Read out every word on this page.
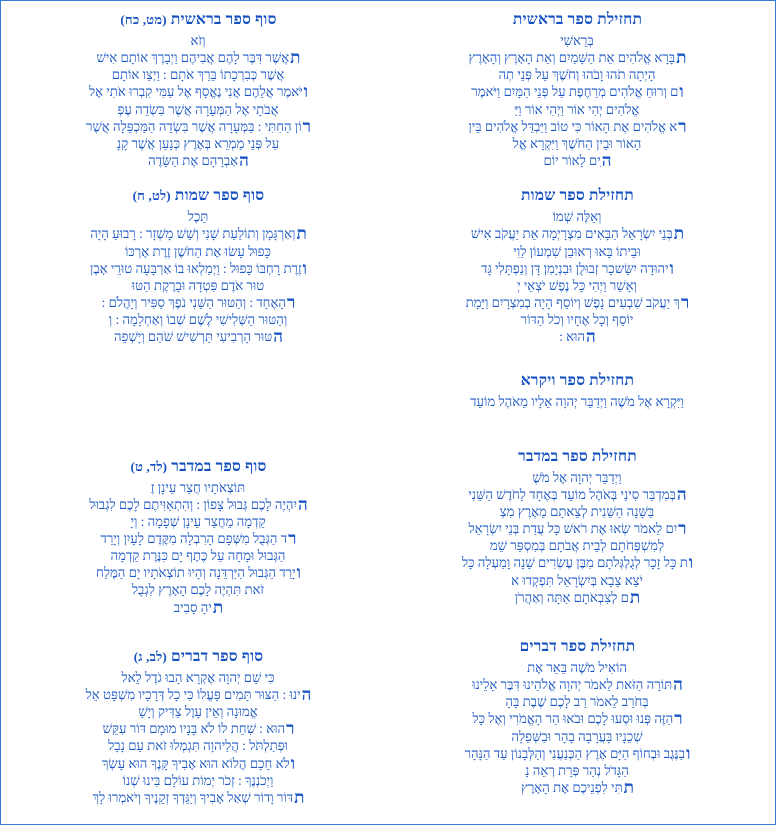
תחזילת ספר בראשית
בְּרֵאשִׁי
תבָּרָא אֱלֹהִים אֵת הַשָּׁמַיִם וְאֵת הָאָרֶץ וְהָאָרֶץ
הָיְתָה תֹהוּ וָבֹהוּ וְחֹשֶׁךְ עַל פְּנֵי תְה
ום וְרוּחַ אֱלֹהִים מְרַחֶפֶת עַל פְּנֵי הַמָּיִם וַיֹּאמֶר
אֱלֹהִים יְהִי אוֹר וַיְהִי אוֹר וַיַּ
רא אֱלֹהִים אֶת הָאוֹר כִּי טוֹב וַיַּבְדֵּל אֱלֹהִים בֵּין
הָאוֹר וּבֵין הַחֹשֶׁךְ וַיִּקְרָא אֱל
הִים לָאוֹר יוֹם
תחזילת ספר שמות
וְאֵלֶּה שְׁמוֹ
תבְּנֵי יִשְׂרָאֵל הַבָּאִים מִצְרָיְמָה אֵת יַעֲקֹב אִישׁ
וּבֵיתוֹ בָּאוּ רְאוּבֵן שִׁמְעוֹן לֵוִי
ויהוּדָה יִשָּׂשכָר זְבוּלֻן וּבִנְיָמִן דָּן וְנַפְתָּלִי גָּד
וְאָשֵׁר וַיְהִי כָּל נֶפֶשׁ יֹצְאֵי יְ
רךְ יַעֲקֹב שִׁבְעִים נָפֶשׁ וְיוֹסֵף הָיָה בְמִצְרָיִם וַיָּמָת
יוֹסֵף וְכָל אֶחָיו וְכֹל הַדּוֹר
ההוּא :
תחזילת ספר ויקרא
וַיִּקְרָא אֶל מֹשֶׁה וַיְדַבֵּר יְהוָה אֵלָיו מֵאֹהֶל מוֹעֵד
תחזילת ספר במדבר
וַיְדַבֵּר יְהוָה אֶל מֹשֶׁ
הבְּמִדְבַּר סִינַי בְּאֹהֶל מוֹעֵד בְּאֶחָד לַחֹדֶשׁ הַשֵּׁנִי
בַּשָּׁנָה הַשֵּׁנִית לְצֵאתָם מֵאֶרֶץ מִצְ
ריִם לֵאמֹר שְׂאוּ אֶת רֹאשׁ כָּל עֲדַת בְּנֵי יִשְׂרָאֵל
לְמִשְׁפְּחֹתָם לְבֵית אֲבֹתָם בְּמִסְפַּר שֵׁמ
ות כָּל זָכָר לְגֻלְגְּלֹתָם מִבֶּן עֶשְׂרִים שָׁנָה וָמַעְלָה כָּל
יֹצֵא צָבָא בְּיִשְׂרָאֵל תִּפְקְדוּ א
תם לְצִבְאֹתָם אַתָּה וְאַהֲרֹן
תחזילת ספר דברים
הוֹאִיל מֹשֶׁה בֵּאֵר אֶת
התּוֹרָה הַזֹּאת לֵאמֹר יְהוָה אֱלֹהֵינוּ דִּבֶּר אֵלֵינוּ
בְּחֹרֵב לֵאמֹר רַב לָכֶם שֶׁבֶת בָּהָ
רהַזֶּה פְּנוּ וּסְעוּ לָכֶם וּבֹאוּ הַר הָאֱמֹרִי וְאֶל כָּל
שְׁכֵנָיו בָּעֲרָבָה בָהָר וּבַשְּׁפֵלָה
ובַנֶּגֶב וּבְחוֹף הַיָּם אֶרֶץ הַכְּנַעֲנִי וְהַלְּבָנוֹן עַד הַנָּהָר
הַגָּדֹל נְהַר פְּרָת רְאֵה נָ
תתִּי לִפְנֵיכֶם אֶת הָאָרֶץ
סוף ספר בראשית (מט, כח)
וְזֹא
תאֲשֶׁר דִּבֶּר לָהֶם אֲבִיהֶם וַיְבָרֶךְ אוֹתָם אִישׁ
אֲשֶׁר כְּבִרְכָתוֹ בֵּרַךְ אֹתָם : וַיְצַו אוֹתָם
ויֹּאמֶר אֲלֵהֶם אֲנִי נֶאֱסָף אֶל עַמִּי קִבְרוּ אֹתִי אֶל
אֲבֹתָי אֶל הַמְּעָרָה אֲשֶׁר בִּשְׂדֵה עֶפְ
רוֹן הַחִתִּי : בַּמְּעָרָה אֲשֶׁר בִּשְׂדֵה הַמַּכְפֵּלָה אֲשֶׁר
עַל פְּנֵי מַמְרֵא בְּאֶרֶץ כְּנָעַן אֲשֶׁר קָנָ
האַבְרָהָם אֶת הַשָּׂדֶה
סוף ספר שמות (לט, ח)
תֵּכֶל
תוְאַרְגָּמָן וְתוֹלַעַת שָׁנִי וְשֵׁשׁ מָשְׁזָר : רָבוּעַ הָיָה
כָּפוּל עָשׂוּ אֶת הַחֹשֶׁן זֶרֶת אָרְכּוֹ
וזֶרֶת רָחְבּוֹ כָּפוּל : וַיְמַלְאוּ בוֹ אַרְבָּעָה טוּרֵי אָבֶן
טוּר אֹדֶם פִּטְדָה וּבָרֶקֶת הַטּוּ
רהָאֶחָד : וְהַטּוּר הַשֵּׁנִי נֹפֶךְ סַפִּיר וְיָהֲלֹם :
וְהַטּוּר הַשְּׁלִישִׁי לֶשֶׁם שְׁבוֹ וְאַחְלָמָה : וְ
הטּוּר הָרְבִיעִי תַּרְשִׁישׁ שֹׁהַם וְיָשְׁפֵה
סוף ספר במדבר (לד, ט)
תּוֹצְאֹתָיו חֲצַר עֵינָן זֶ
היִהְיֶה לָכֶם גְּבוּל צָפוֹן : וְהִתְאַוִּיתֶם לָכֶם לִגְבוּל
קֵדְמָה מֵחֲצַר עֵינָן שְׁפָמָה : וְיָ
רד הַגְּבֻל מִשְּׁפָם הָרִבְלָה מִקֶּדֶם לָעָיִן וְיָרַד
הַגְּבוּל וּמָחָה עַל כֶּתֶף יָם כִּנֶּרֶת קֵדְמָה
ויָרַד הַגְּבוּל הַיַּרְדֵּנָה וְהָיוּ תוֹצְאֹתָיו יָם הַמֶּלַח
זֹאת תִּהְיֶה לָכֶם הָאָרֶץ לִגְבֻל
תיהָ סָבִיב
סוף ספר דברים (לב, ג)
כִּי שֵׁם יְהוָה אֶקְרָא הָבוּ גֹדֶל לֵאל
הינוּ : הַצּוּר תָּמִים פָּעֳלוֹ כִּי כָל דְּרָכָיו מִשְׁפָּט אֵל
אֱמוּנָה וְאֵין עָוֶל צַדִּיק וְיָשָׁ
רהוּא : שִׁחֵת לוֹ לֹא בָּנָיו מוּמָם דּוֹר עִקֵּשׁ
וּפְתַלְתֹּל : הֲלַיהוָה תִּגְמְלוּ זֹאת עַם נָבָל
ולֹא חָכָם הֲלוֹא הוּא אָבִיךָ קָּנֶךָ הוּא עָשְׂךָ
וַיְכֹנְנֶךָ : זְכֹר יְמוֹת עוֹלָם בִּינוּ שְׁנוֹ
תדּוֹר וָדוֹר שְׁאַל אָבִיךָ וְיַגֵּדְךָ זְקֵנֶיךָ וְיֹאמְרוּ לָךְ
